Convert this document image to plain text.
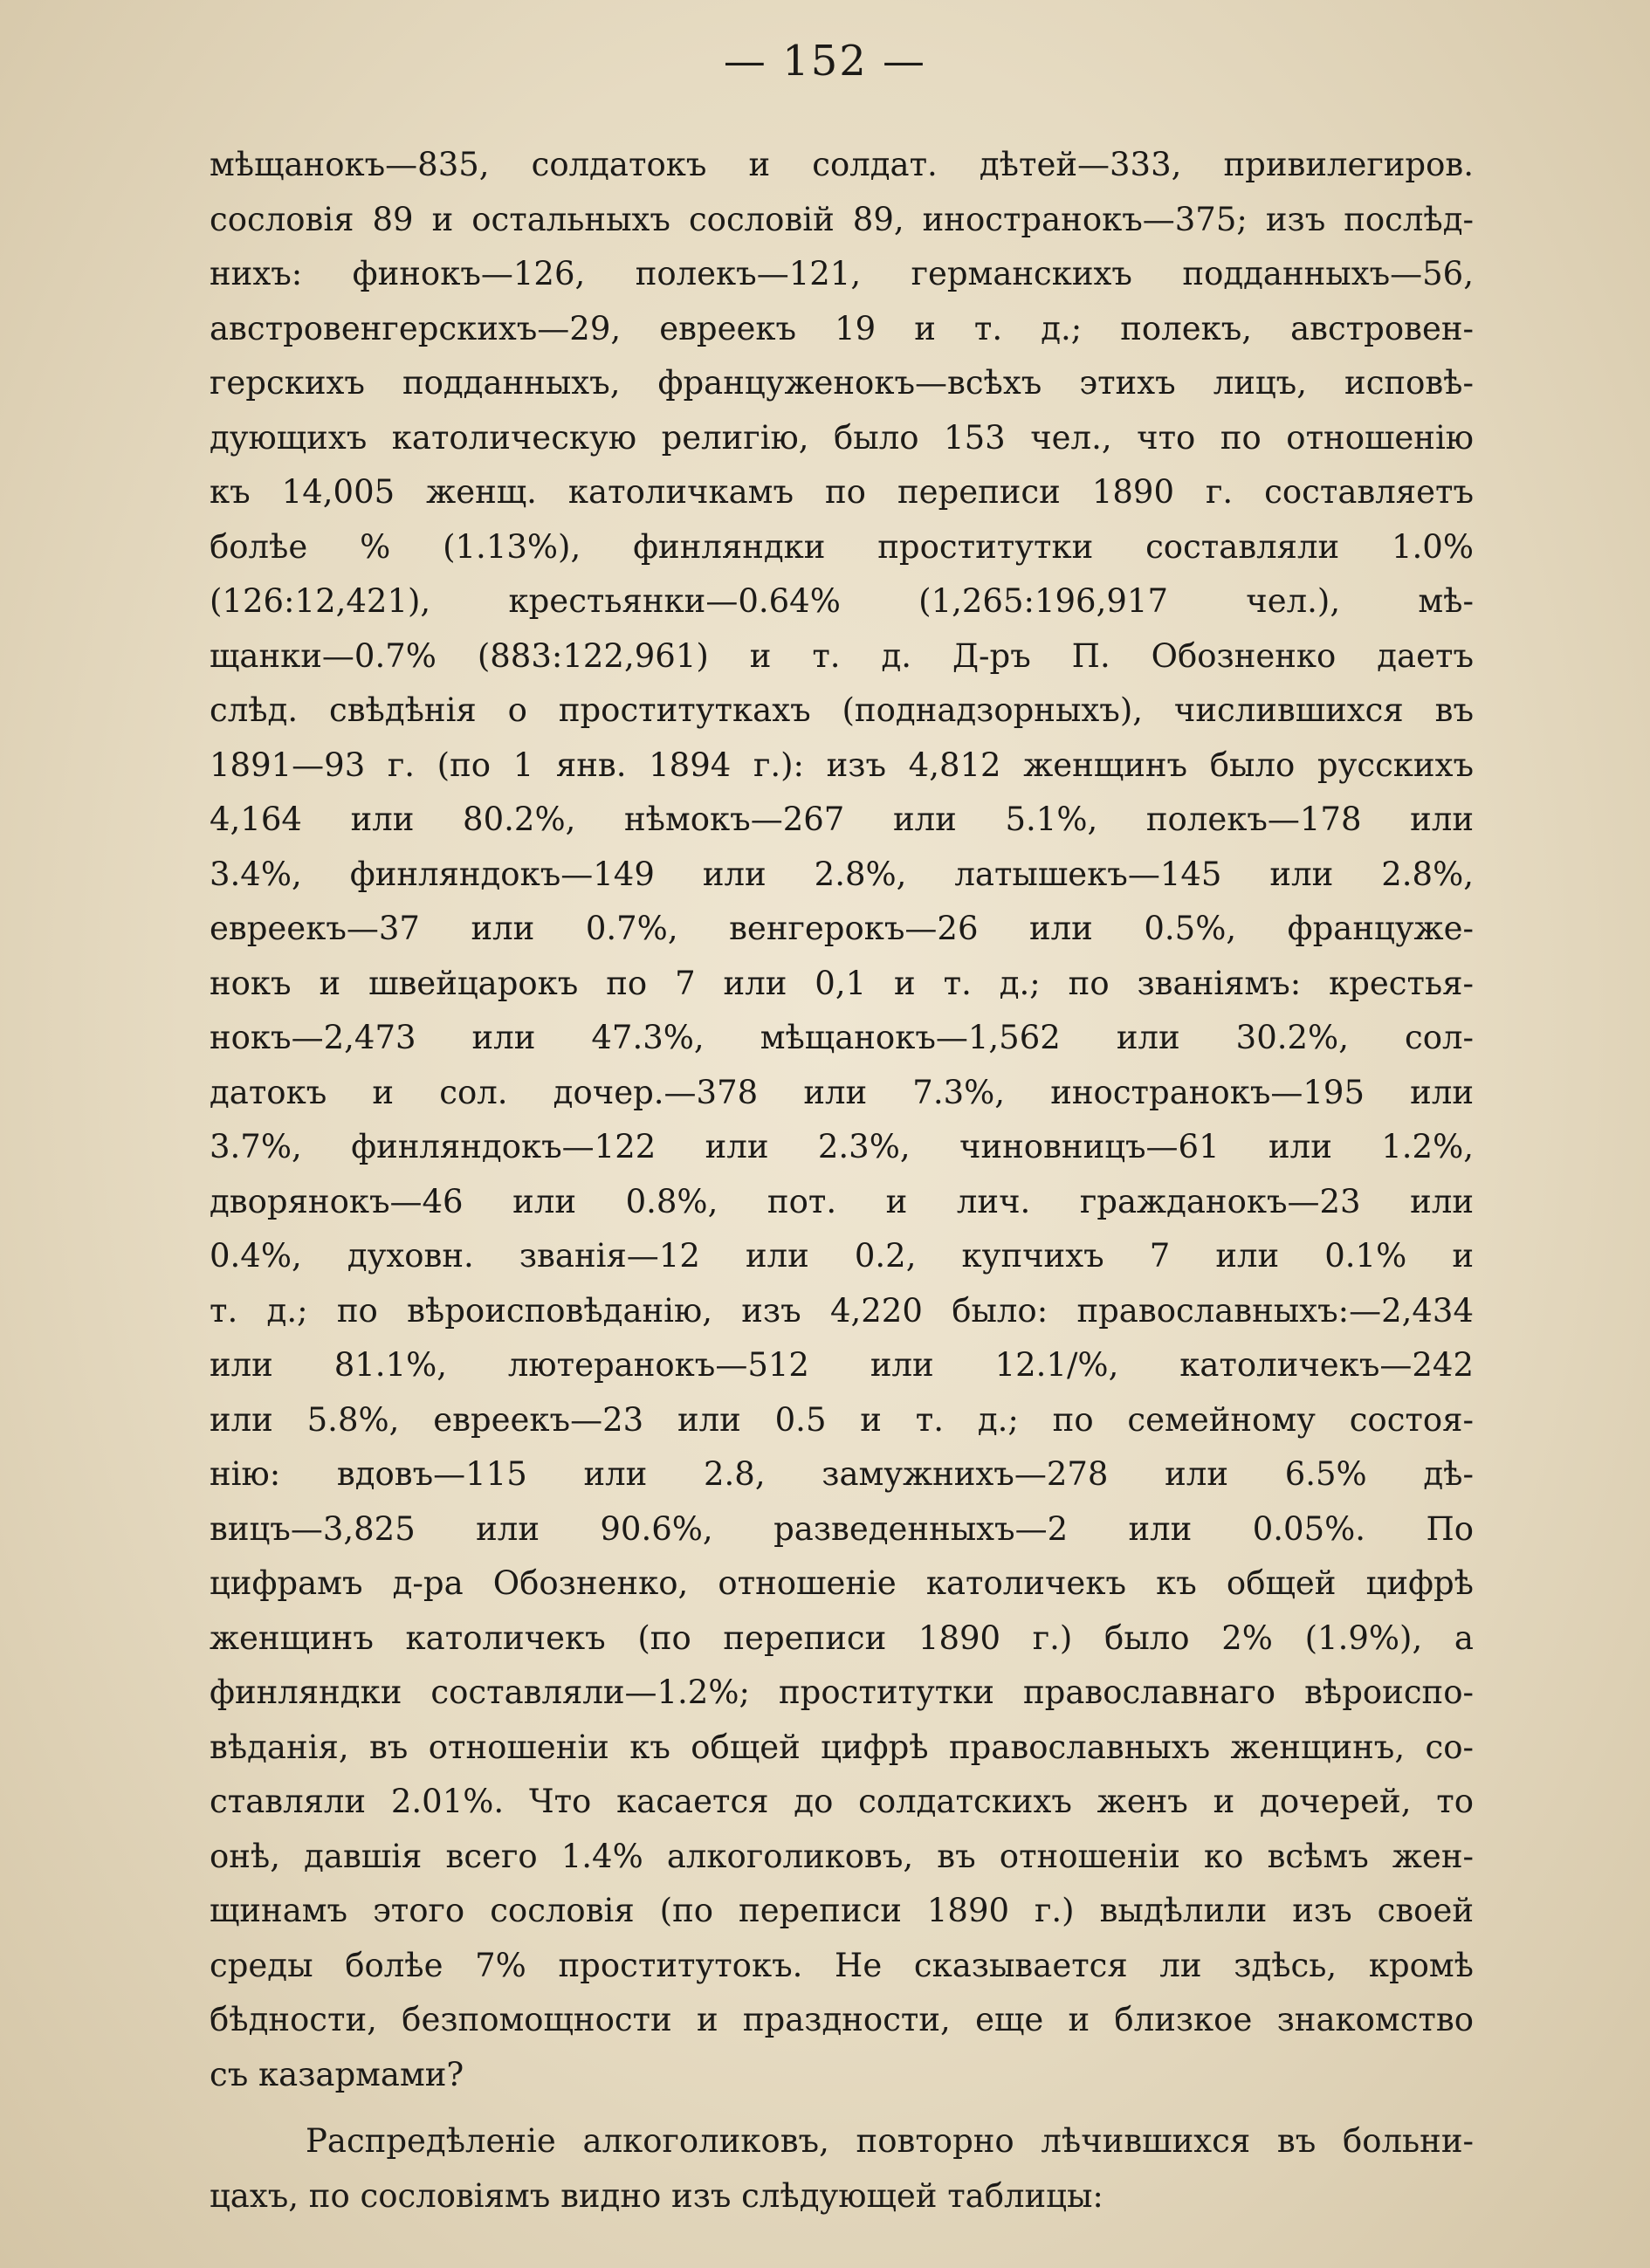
— 152 —
мѣщанокъ—835, солдатокъ и солдат. дѣтей—333, привилегиров.
сословія 89 и остальныхъ сословій 89, иностранокъ—375; изъ послѣд-
нихъ: финокъ—126, полекъ—121, германскихъ подданныхъ—56,
австровенгерскихъ—29, евреекъ 19 и т. д.; полекъ, австровен-
герскихъ подданныхъ, француженокъ—всѣхъ этихъ лицъ, исповѣ-
дующихъ католическую религію, было 153 чел., что по отношенію
къ 14,005 женщ. католичкамъ по переписи 1890 г. составляетъ
болѣе % (1.13%), финляндки проститутки составляли 1.0%
(126:12,421), крестьянки—0.64% (1,265:196,917 чел.), мѣ-
щанки—0.7% (883:122,961) и т. д. Д-ръ П. Обозненко даетъ
слѣд. свѣдѣнія о проституткахъ (поднадзорныхъ), числившихся въ
1891—93 г. (по 1 янв. 1894 г.): изъ 4,812 женщинъ было русскихъ
4,164 или 80.2%, нѣмокъ—267 или 5.1%, полекъ—178 или
3.4%, финляндокъ—149 или 2.8%, латышекъ—145 или 2.8%,
евреекъ—37 или 0.7%, венгерокъ—26 или 0.5%, француже-
нокъ и швейцарокъ по 7 или 0,1 и т. д.; по званіямъ: крестья-
нокъ—2,473 или 47.3%, мѣщанокъ—1,562 или 30.2%, сол-
датокъ и сол. дочер.—378 или 7.3%, иностранокъ—195 или
3.7%, финляндокъ—122 или 2.3%, чиновницъ—61 или 1.2%,
дворянокъ—46 или 0.8%, пот. и лич. гражданокъ—23 или
0.4%, духовн. званія—12 или 0.2, купчихъ 7 или 0.1% и
т. д.; по вѣроисповѣданію, изъ 4,220 было: православныхъ:—2,434
или 81.1%, лютеранокъ—512 или 12.1/%, католичекъ—242
или 5.8%, евреекъ—23 или 0.5 и т. д.; по семейному состоя-
нію: вдовъ—115 или 2.8, замужнихъ—278 или 6.5% дѣ-
вицъ—3,825 или 90.6%, разведенныхъ—2 или 0.05%. По
цифрамъ д-ра Обозненко, отношеніе католичекъ къ общей цифрѣ
женщинъ католичекъ (по переписи 1890 г.) было 2% (1.9%), а
финляндки составляли—1.2%; проститутки православнаго вѣроиспо-
вѣданія, въ отношеніи къ общей цифрѣ православныхъ женщинъ, со-
ставляли 2.01%. Что касается до солдатскихъ женъ и дочерей, то
онѣ, давшія всего 1.4% алкоголиковъ, въ отношеніи ко всѣмъ жен-
щинамъ этого сословія (по переписи 1890 г.) выдѣлили изъ своей
среды болѣе 7% проститутокъ. Не сказывается ли здѣсь, кромѣ
бѣдности, безпомощности и праздности, еще и близкое знакомство
съ казармами?
Распредѣленіе алкоголиковъ, повторно лѣчившихся въ больни-
цахъ, по сословіямъ видно изъ слѣдующей таблицы:
